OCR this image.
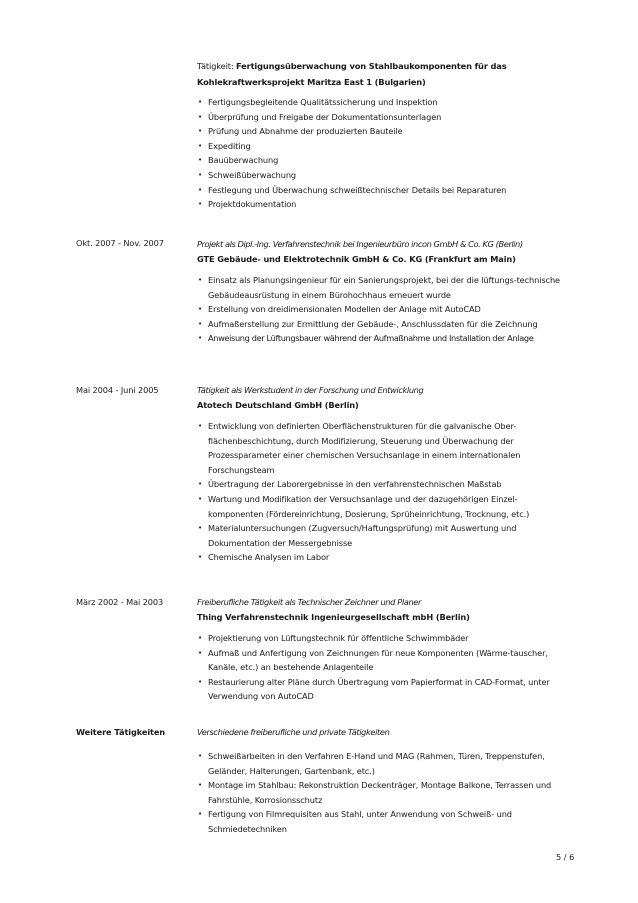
Tätigkeit: Fertigungsüberwachung von Stahlbaukomponenten für das
Kohlekraftwerksprojekt Maritza East 1 (Bulgarien)
• Fertigungsbegleitende Qualitätssicherung und Inspektion
• Überprüfung und Freigabe der Dokumentationsunterlagen
• Prüfung und Abnahme der produzierten Bauteile
• Expediting
• Bauüberwachung
• Schweißüberwachung
• Festlegung und Überwachung schweißtechnischer Details bei Reparaturen
• Projektdokumentation
Okt. 2007 - Nov. 2007	Projekt als Dipl.-Ing. Verfahrenstechnik bei Ingenieurbüro incon GmbH & Co. KG (Berlin)
GTE Gebäude- und Elektrotechnik GmbH & Co. KG (Frankfurt am Main)
• Einsatz als Planungsingenieur für ein Sanierungsprojekt, bei der die lüftungs-technische Gebäudeausrüstung in einem Bürohochhaus erneuert wurde
• Erstellung von dreidimensionalen Modellen der Anlage mit AutoCAD
• Aufmaßerstellung zur Ermittlung der Gebäude-, Anschlussdaten für die Zeichnung
• Anweisung der Lüftungsbauer während der Aufmaßnahme und Installation der Anlage
Mai 2004 - Juni 2005	Tätigkeit als Werkstudent in der Forschung und Entwicklung
Atotech Deutschland GmbH (Berlin)
• Entwicklung von definierten Oberflächenstrukturen für die galvanische Ober-flächenbeschichtung, durch Modifizierung, Steuerung und Überwachung der Prozessparameter einer chemischen Versuchsanlage in einem internationalen Forschungsteam
• Übertragung der Laborergebnisse in den verfahrenstechnischen Maßstab
• Wartung und Modifikation der Versuchsanlage und der dazugehörigen Einzel-komponenten (Fördereinrichtung, Dosierung, Sprüheinrichtung, Trocknung, etc.)
• Materialuntersuchungen (Zugversuch/Haftungsprüfung) mit Auswertung und Dokumentation der Messergebnisse
• Chemische Analysen im Labor
März 2002 - Mai 2003	Freiberufliche Tätigkeit als Technischer Zeichner und Planer
Thing Verfahrenstechnik Ingenieurgesellschaft mbH (Berlin)
• Projektierung von Lüftungstechnik für öffentliche Schwimmbäder
• Aufmaß und Anfertigung von Zeichnungen für neue Komponenten (Wärme-tauscher, Kanäle, etc.) an bestehende Anlagenteile
• Restaurierung alter Pläne durch Übertragung vom Papierformat in CAD-Format, unter Verwendung von AutoCAD
Weitere Tätigkeiten	Verschiedene freiberufliche und private Tätigkeiten
• Schweißarbeiten in den Verfahren E-Hand und MAG (Rahmen, Türen, Treppenstufen, Geländer, Halterungen, Gartenbank, etc.)
• Montage im Stahlbau: Rekonstruktion Deckenträger, Montage Balkone, Terrassen und Fahrstühle, Korrosionsschutz
• Fertigung von Filmrequisiten aus Stahl, unter Anwendung von Schweiß- und Schmiedetechniken
5 / 6
